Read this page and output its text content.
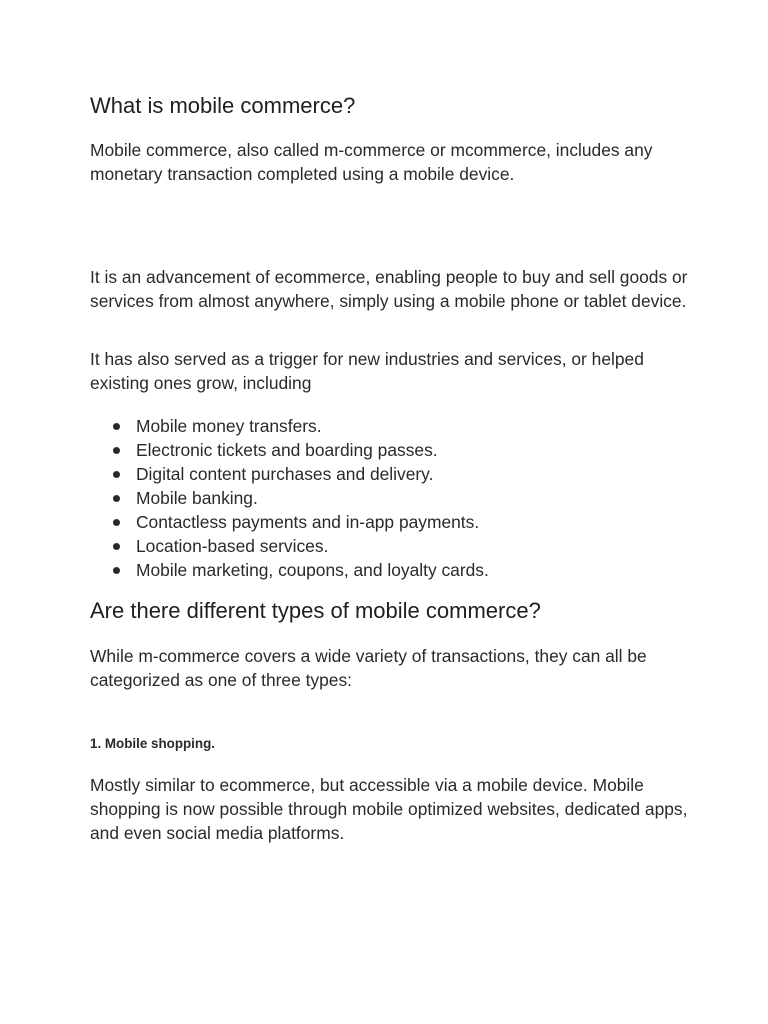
What is mobile commerce?

Mobile commerce, also called m-commerce or mcommerce, includes any monetary transaction completed using a mobile device.

It is an advancement of ecommerce, enabling people to buy and sell goods or services from almost anywhere, simply using a mobile phone or tablet device.

It has also served as a trigger for new industries and services, or helped existing ones grow, including

Mobile money transfers.
Electronic tickets and boarding passes.
Digital content purchases and delivery.
Mobile banking.
Contactless payments and in-app payments.
Location-based services.
Mobile marketing, coupons, and loyalty cards.
Are there different types of mobile commerce?

While m-commerce covers a wide variety of transactions, they can all be categorized as one of three types:

1. Mobile shopping.

Mostly similar to ecommerce, but accessible via a mobile device. Mobile shopping is now possible through mobile optimized websites, dedicated apps, and even social media platforms.
